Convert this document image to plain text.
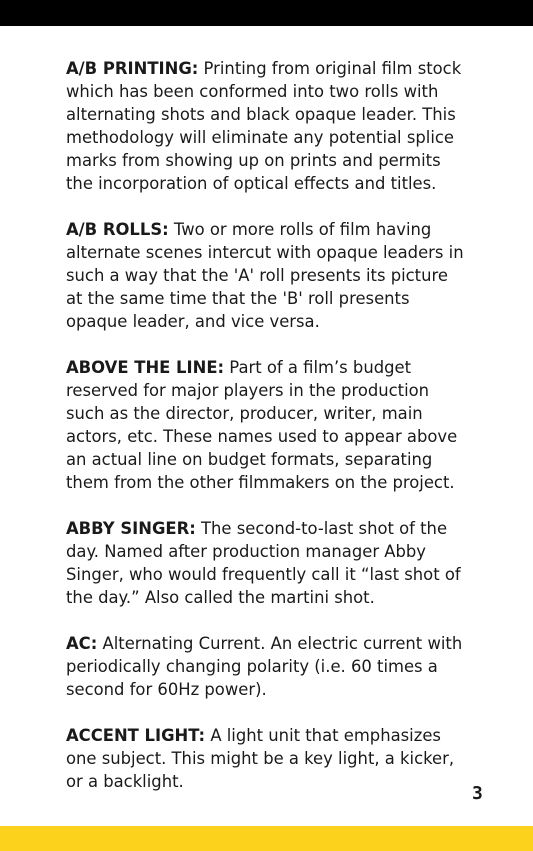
A/B PRINTING: Printing from original film stock which has been conformed into two rolls with alternating shots and black opaque leader. This methodology will eliminate any potential splice marks from showing up on prints and permits the incorporation of optical effects and titles.

A/B ROLLS: Two or more rolls of film having alternate scenes intercut with opaque leaders in such a way that the 'A' roll presents its picture at the same time that the 'B' roll presents opaque leader, and vice versa.

ABOVE THE LINE: Part of a film’s budget reserved for major players in the production such as the director, producer, writer, main actors, etc. These names used to appear above an actual line on budget formats, separating them from the other filmmakers on the project.

ABBY SINGER: The second-to-last shot of the day. Named after production manager Abby Singer, who would frequently call it “last shot of the day.” Also called the martini shot.

AC: Alternating Current. An electric current with periodically changing polarity (i.e. 60 times a second for 60Hz power).

ACCENT LIGHT: A light unit that emphasizes one subject. This might be a key light, a kicker, or a backlight.

3
